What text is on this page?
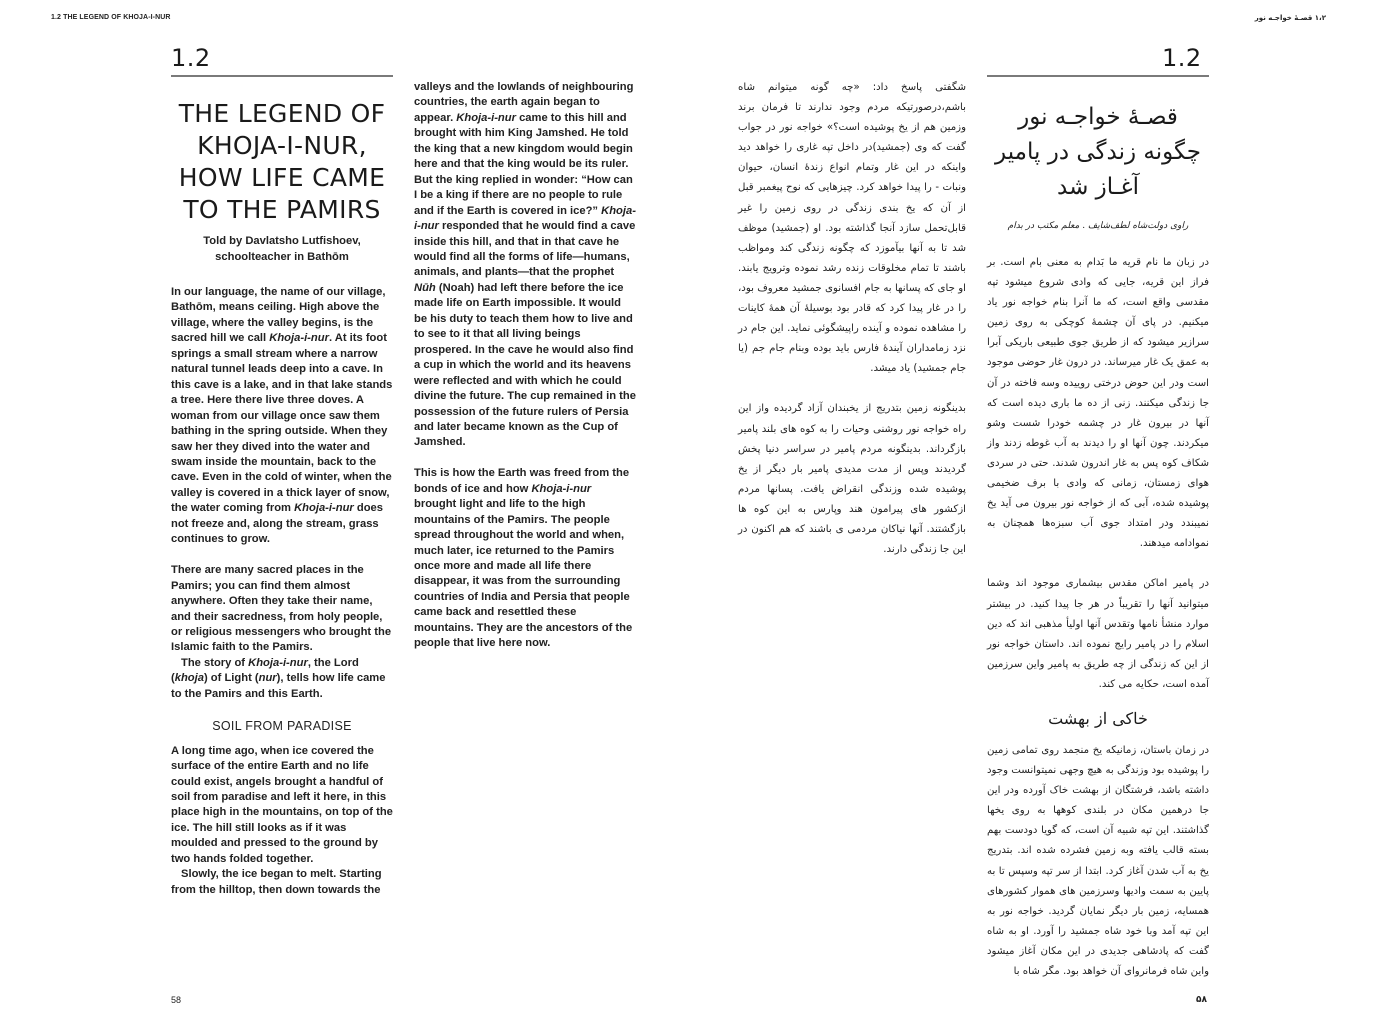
1.2 THE LEGEND OF KHOJA-I-NUR
1.2
THE LEGEND OF KHOJA-I-NUR, HOW LIFE CAME TO THE PAMIRS
Told by Davlatsho Lutfishoev,
schoolteacher in Bathōm

In our language, the name of our village, Bathōm, means ceiling. High above the village, where the valley begins, is the sacred hill we call Khoja-i-nur. At its foot springs a small stream where a narrow natural tunnel leads deep into a cave. In this cave is a lake, and in that lake stands a tree. Here there live three doves. A woman from our village once saw them bathing in the spring outside. When they saw her they dived into the water and swam inside the mountain, back to the cave. Even in the cold of winter, when the valley is covered in a thick layer of snow, the water coming from Khoja-i-nur does not freeze and, along the stream, grass continues to grow.

There are many sacred places in the Pamirs; you can find them almost anywhere. Often they take their name, and their sacredness, from holy people, or religious messengers who brought the Islamic faith to the Pamirs.

The story of Khoja-i-nur, the Lord (khoja) of Light (nur), tells how life came to the Pamirs and this Earth.

SOIL FROM PARADISE

A long time ago, when ice covered the surface of the entire Earth and no life could exist, angels brought a handful of soil from paradise and left it here, in this place high in the mountains, on top of the ice. The hill still looks as if it was moulded and pressed to the ground by two hands folded together.

Slowly, the ice began to melt. Starting from the hilltop, then down towards the

valleys and the lowlands of neighbouring countries, the earth again began to appear. Khoja-i-nur came to this hill and brought with him King Jamshed. He told the king that a new kingdom would begin here and that the king would be its ruler. But the king replied in wonder: “How can I be a king if there are no people to rule and if the Earth is covered in ice?” Khoja-i-nur responded that he would find a cave inside this hill, and that in that cave he would find all the forms of life—humans, animals, and plants—that the prophet Nūh (Noah) had left there before the ice made life on Earth impossible. It would be his duty to teach them how to live and to see to it that all living beings prospered. In the cave he would also find a cup in which the world and its heavens were reflected and with which he could divine the future. The cup remained in the possession of the future rulers of Persia and later became known as the Cup of Jamshed.

This is how the Earth was freed from the bonds of ice and how Khoja-i-nur brought light and life to the high mountains of the Pamirs. The people spread throughout the world and when, much later, ice returned to the Pamirs once more and made all life there disappear, it was from the surrounding countries of India and Persia that people came back and resettled these mountains. They are the ancestors of the people that live here now.

58
۱،۲ قصـهٔ خواجـه نور
1.2

شگفتی پاسخ داد: «چه گونه میتوانم شاه باشم،درصورتیکه مردم وجود ندارند تا فرمان برند وزمین هم از یخ پوشیده است؟» خواجه نور در جواب گفت که وی (جمشید)در داخل تپه غاری را خواهد دید واینکه در این غار وتمام انواع زندهٔ انسان، حیوان ونبات - را پیدا خواهد کرد. چیزهایی که نوح پیغمبر قبل از آن که یخ بندی زندگی در روی زمین را غیر قابل‌تحمل سازد آنجا گذاشته بود. او (جمشید) موظف شد تا به آنها بیآموزد که چگونه زندگی کند ومواظب باشند تا تمام مخلوقات زنده رشد نموده وترویج یابند. او جای که پسانها به جام افسانوی جمشید معروف بود، را در غار پیدا کرد که قادر بود بوسیلهٔ آن همهٔ کاینات را مشاهده نموده و آینده راپیشگوئی نماید. این جام در نزد زمامداران آیندهٔ فارس باید بوده وبنام جام جم (یا جام جمشید) یاد میشد.

بدینگونه زمین بتدریج از یخبندان آزاد گردیده واز این راه خواجه نور روشنی وحیات را به کوه های بلند پامیر بازگرداند. بدینگونه مردم پامیر در سراسر دنیا پخش گردیدند وپس از مدت مدیدی پامیر بار دیگر از یخ پوشیده شده وزندگی انقراض یافت. پسانها مردم ازکشور های پیرامون هند وپارس به این کوه ها بازگشتند. آنها نیاکان مردمی ی باشند که هم اکنون در این جا زندگی دارند.

قصـهٔ خواجـه نور چگونه زندگی در پامیر آغـاز شد
راوی دولت‌شاه لطف‌شایف . معلم مکتب در بدام

در زبان ما نام قریه ما بَدام به معنی بام است. بر فراز این قریه، جایی که وادی شروع میشود تپه مقدسی واقع است، که ما آنرا بنام خواجه نور یاد میکنیم. در پای آن چشمهٔ کوچکی به روی زمین سرازیر میشود که از طریق جوی طبیعی باریکی آبرا به عمق یک غار میرساند. در درون غار حوضی موجود است ودر این حوض درختی روییده وسه فاخته در آن جا زندگی میکنند. زنی از ده ما باری دیده است که آنها در بیرون غار در چشمه خودرا شست وشو میکردند. چون آنها او را دیدند به آب غوطه زدند واز شکاف کوه پس به غار اندرون شدند. حتی در سردی هوای زمستان، زمانی که وادی با برف ضخیمی پوشیده شده، آبی که از خواجه نور بیرون می آید یخ نمیبندد ودر امتداد جوی آب سبزه‌ها همچنان به نموادامه میدهند.

در پامیر اماکن مقدس بیشماری موجود اند وشما میتوانید آنها را تقریباً در هر جا پیدا کنید. در بیشتر موارد منشأ نامها وتقدس آنها اولیأ مذهبی اند که دین اسلام را در پامیر رایج نموده اند. داستان خواجه نور از این که زندگی از چه طریق به پامیر واین سرزمین آمده است، حکایه می کند.

خاکی از بهشت

در زمان باستان، زمانیکه یخ منجمد روی تمامی زمین را پوشیده بود وزندگی به هیچ وجهی نمیتوانست وجود داشته باشد، فرشتگان از بهشت خاک آورده ودر این جا درهمین مکان در بلندی کوهها به روی یخها گذاشتند. این تپه شبیه آن است، که گویا دودست بهم بسته قالب یافته وبه زمین فشرده شده اند. بتدریج یخ به آب شدن آغاز کرد. ابتدا از سر تپه وسپس تا به پایین به سمت وادیها وسرزمین های هموار کشورهای همسایه، زمین بار دیگر نمایان گردید. خواجه نور به این تپه آمد وبا خود شاه جمشید را آورد. او به شاه گفت که پادشاهی جدیدی در این مکان آغاز میشود واین شاه فرمانروای آن خواهد بود. مگر شاه با

۵۸
